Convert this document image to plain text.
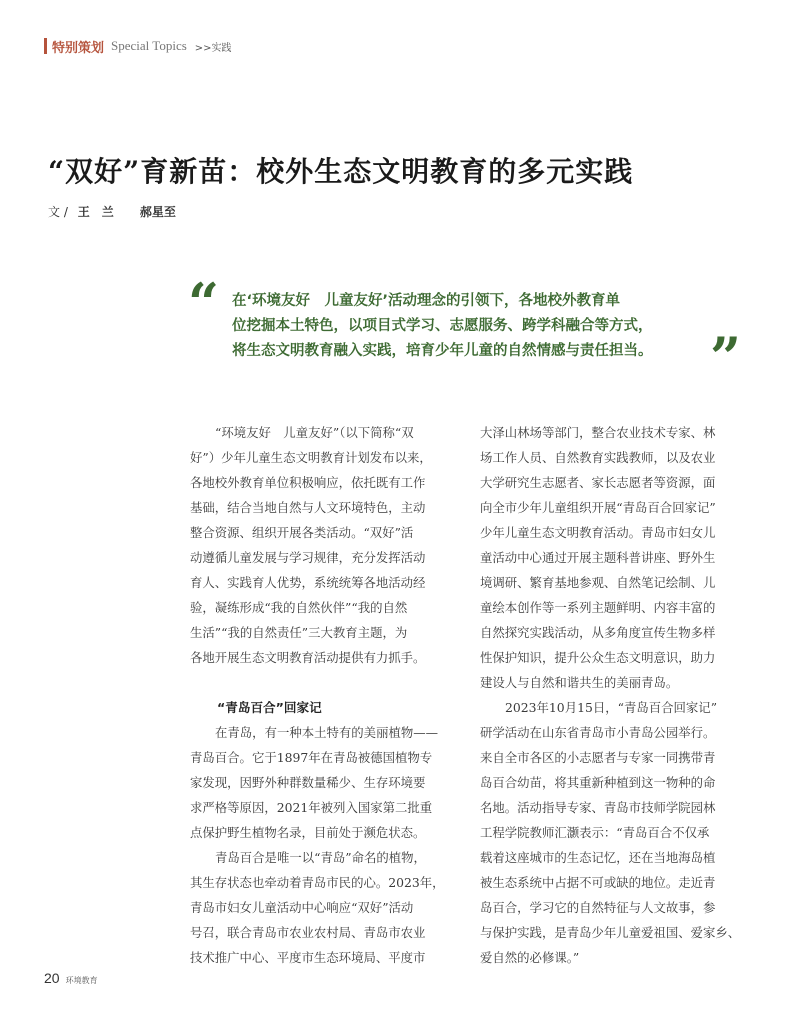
特别策划 Special Topics >>实践
“双好”育新苗：校外生态文明教育的多元实践
文 / 王　兰 郝星至
“ 在‘环境友好　儿童友好’活动理念的引领下，各地校外教育单
位挖掘本土特色，以项目式学习、志愿服务、跨学科融合等方式，
将生态文明教育融入实践，培育少年儿童的自然情感与责任担当。	”
“环境友好　儿童友好”（以下简称“双
好”）少年儿童生态文明教育计划发布以来，
各地校外教育单位积极响应，依托既有工作
基础，结合当地自然与人文环境特色，主动
整合资源、组织开展各类活动。“双好”活
动遵循儿童发展与学习规律，充分发挥活动
育人、实践育人优势，系统统筹各地活动经
验，凝练形成“我的自然伙伴”“我的自然
生活”“我的自然责任”三大教育主题，为
各地开展生态文明教育活动提供有力抓手。
“青岛百合”回家记
在青岛，有一种本土特有的美丽植物——
青岛百合。它于1897年在青岛被德国植物专
家发现，因野外种群数量稀少、生存环境要
求严格等原因，2021年被列入国家第二批重
点保护野生植物名录，目前处于濒危状态。
青岛百合是唯一以“青岛”命名的植物，
其生存状态也牵动着青岛市民的心。2023年，
青岛市妇女儿童活动中心响应“双好”活动
号召，联合青岛市农业农村局、青岛市农业
技术推广中心、平度市生态环境局、平度市
大泽山林场等部门，整合农业技术专家、林
场工作人员、自然教育实践教师，以及农业
大学研究生志愿者、家长志愿者等资源，面
向全市少年儿童组织开展“青岛百合回家记”
少年儿童生态文明教育活动。青岛市妇女儿
童活动中心通过开展主题科普讲座、野外生
境调研、繁育基地参观、自然笔记绘制、儿
童绘本创作等一系列主题鲜明、内容丰富的
自然探究实践活动，从多角度宣传生物多样
性保护知识，提升公众生态文明意识，助力
建设人与自然和谐共生的美丽青岛。
2023年10月15日，“青岛百合回家记”
研学活动在山东省青岛市小青岛公园举行。
来自全市各区的小志愿者与专家一同携带青
岛百合幼苗，将其重新种植到这一物种的命
名地。活动指导专家、青岛市技师学院园林
工程学院教师汇灏表示：“青岛百合不仅承
载着这座城市的生态记忆，还在当地海岛植
被生态系统中占据不可或缺的地位。走近青
岛百合，学习它的自然特征与人文故事，参
与保护实践，是青岛少年儿童爱祖国、爱家乡、
爱自然的必修课。”
20 环境教育
